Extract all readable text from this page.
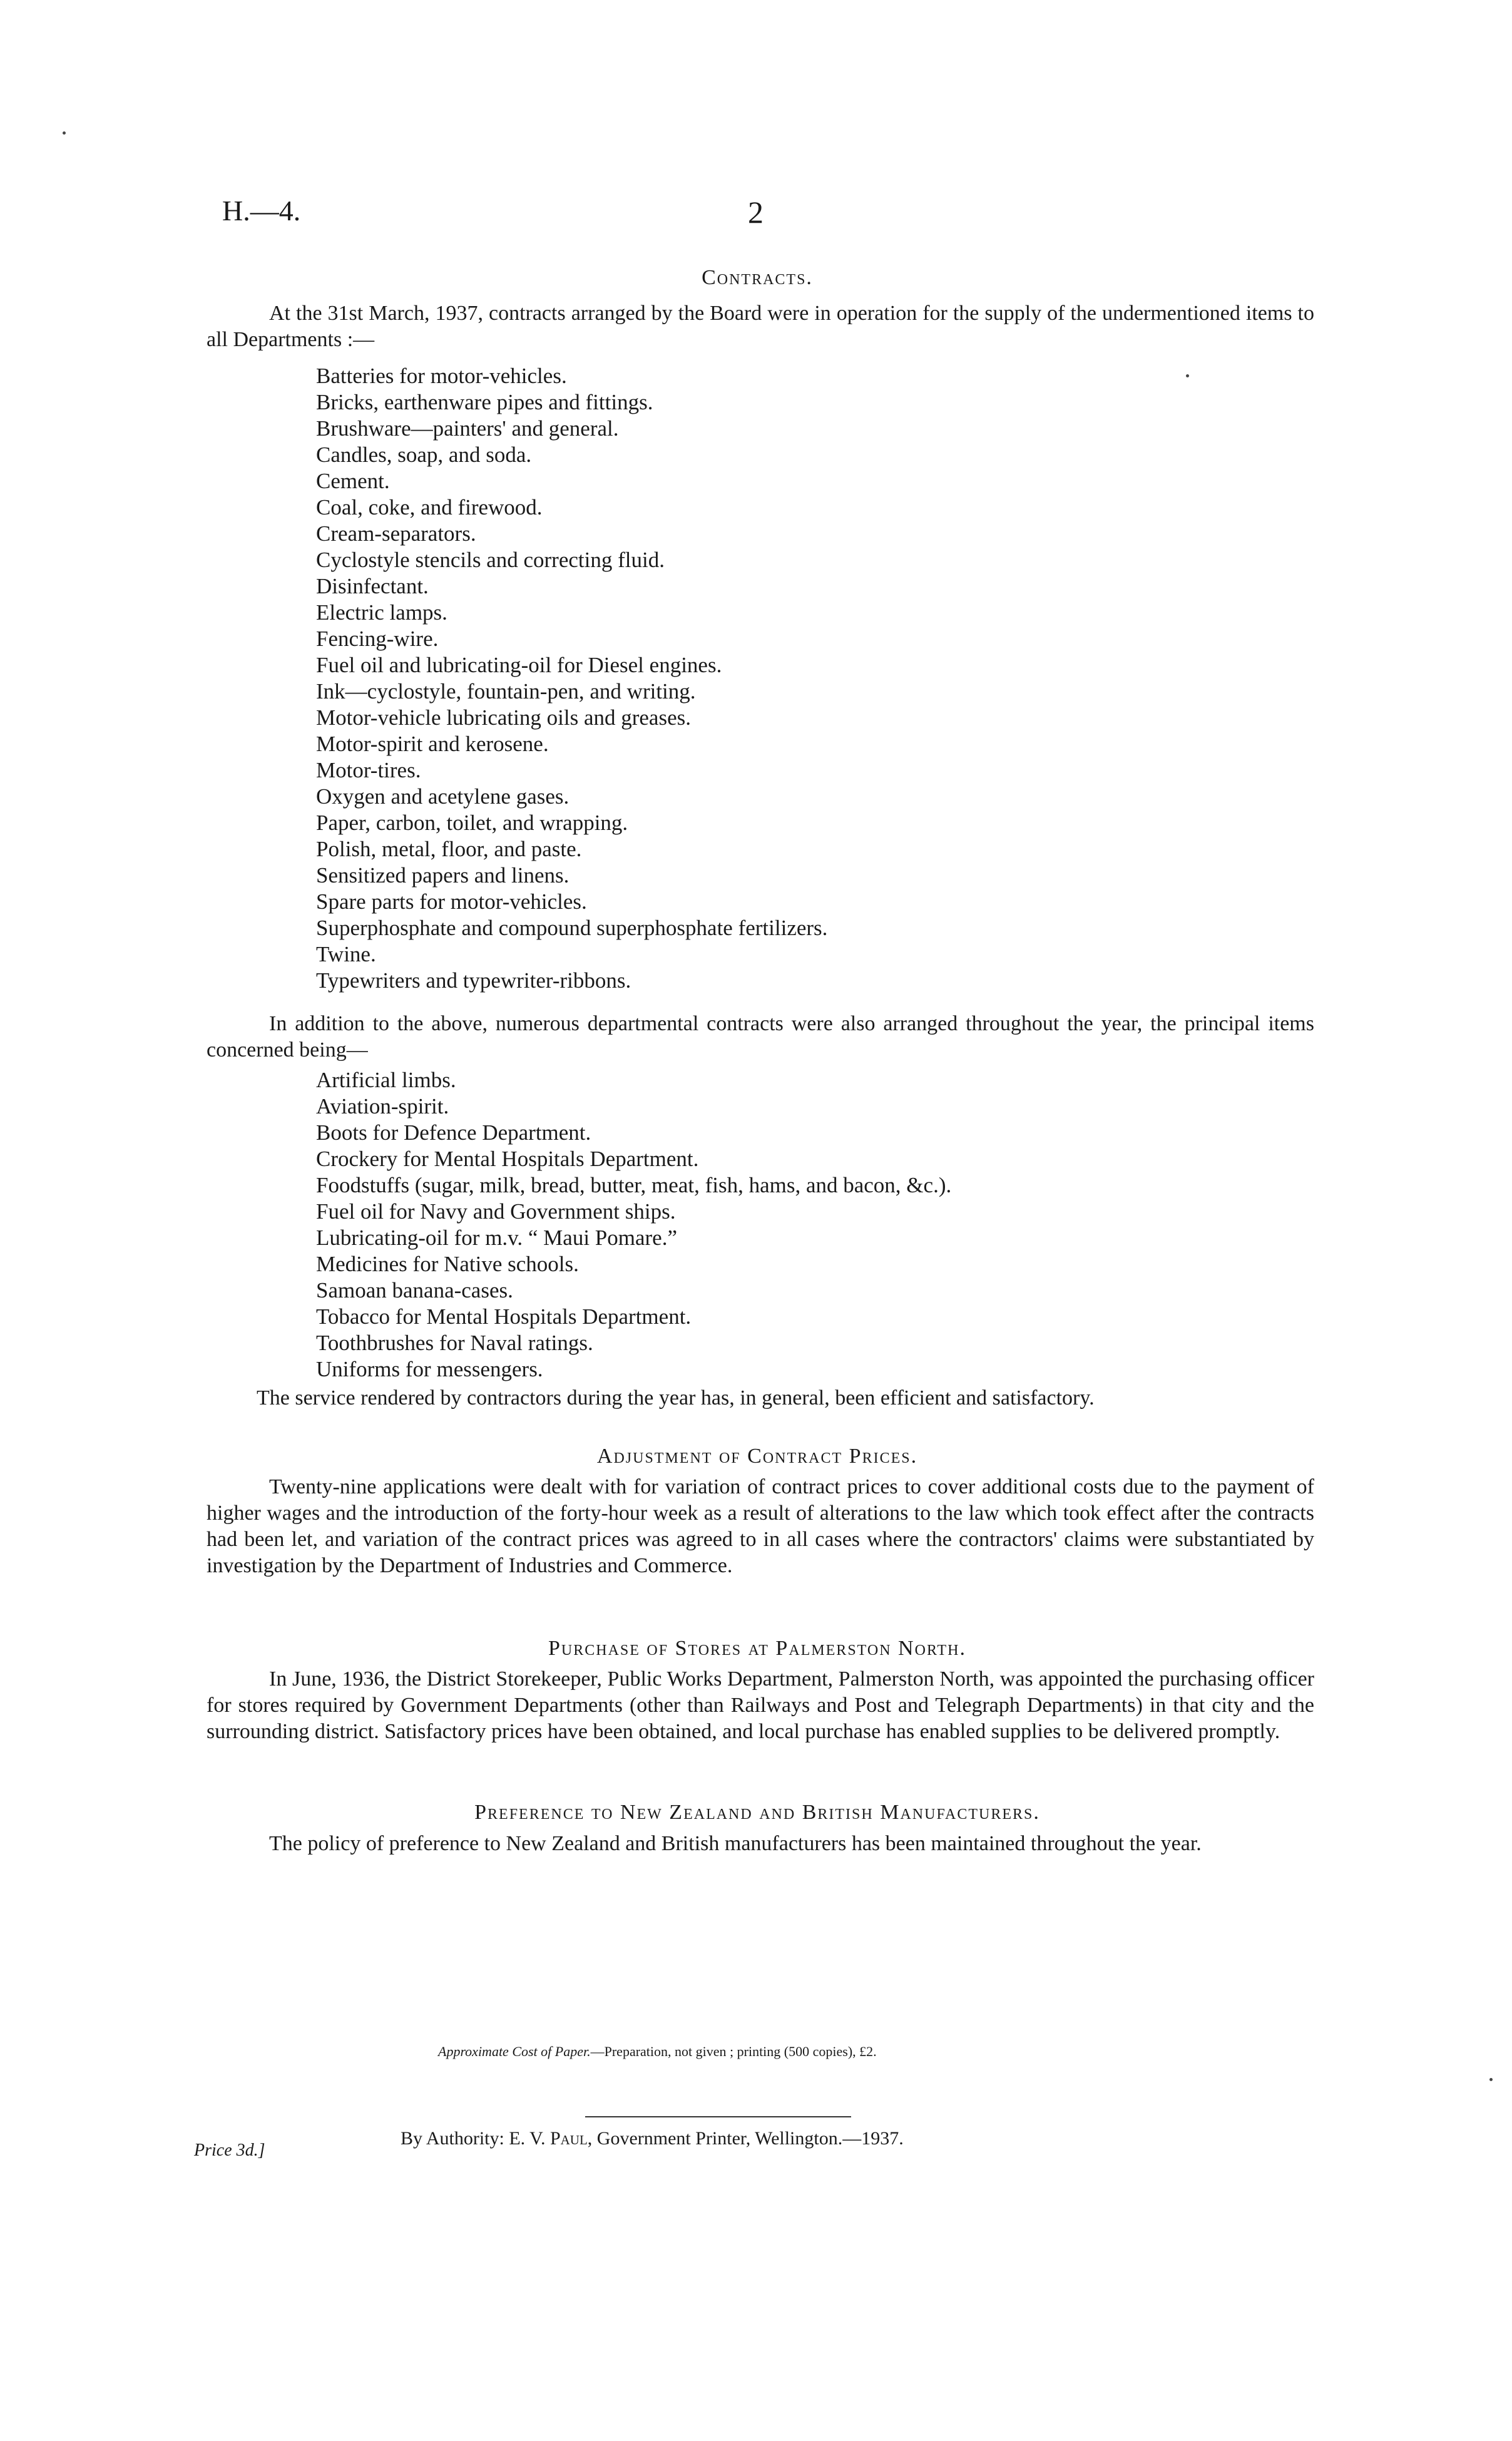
H.—4.	2
Contracts.
At the 31st March, 1937, contracts arranged by the Board were in operation for the supply of the undermentioned items to all Departments :—
Batteries for motor-vehicles.
Bricks, earthenware pipes and fittings.
Brushware—painters' and general.
Candles, soap, and soda.
Cement.
Coal, coke, and firewood.
Cream-separators.
Cyclostyle stencils and correcting fluid.
Disinfectant.
Electric lamps.
Fencing-wire.
Fuel oil and lubricating-oil for Diesel engines.
Ink—cyclostyle, fountain-pen, and writing.
Motor-vehicle lubricating oils and greases.
Motor-spirit and kerosene.
Motor-tires.
Oxygen and acetylene gases.
Paper, carbon, toilet, and wrapping.
Polish, metal, floor, and paste.
Sensitized papers and linens.
Spare parts for motor-vehicles.
Superphosphate and compound superphosphate fertilizers.
Twine.
Typewriters and typewriter-ribbons.
In addition to the above, numerous departmental contracts were also arranged throughout the year, the principal items concerned being—
Artificial limbs.
Aviation-spirit.
Boots for Defence Department.
Crockery for Mental Hospitals Department.
Foodstuffs (sugar, milk, bread, butter, meat, fish, hams, and bacon, &c.).
Fuel oil for Navy and Government ships.
Lubricating-oil for m.v. “ Maui Pomare.”
Medicines for Native schools.
Samoan banana-cases.
Tobacco for Mental Hospitals Department.
Toothbrushes for Naval ratings.
Uniforms for messengers.
The service rendered by contractors during the year has, in general, been efficient and satisfactory.
Adjustment of Contract Prices.
Twenty-nine applications were dealt with for variation of contract prices to cover additional costs due to the payment of higher wages and the introduction of the forty-hour week as a result of alterations to the law which took effect after the contracts had been let, and variation of the contract prices was agreed to in all cases where the contractors' claims were substantiated by investigation by the Department of Industries and Commerce.
Purchase of Stores at Palmerston North.
In June, 1936, the District Storekeeper, Public Works Department, Palmerston North, was appointed the purchasing officer for stores required by Government Departments (other than Railways and Post and Telegraph Departments) in that city and the surrounding district. Satisfactory prices have been obtained, and local purchase has enabled supplies to be delivered promptly.
Preference to New Zealand and British Manufacturers.
The policy of preference to New Zealand and British manufacturers has been maintained throughout the year.
Approximate Cost of Paper.—Preparation, not given ; printing (500 copies), £2.
By Authority: E. V. Paul, Government Printer, Wellington.—1937.
Price 3d.]
